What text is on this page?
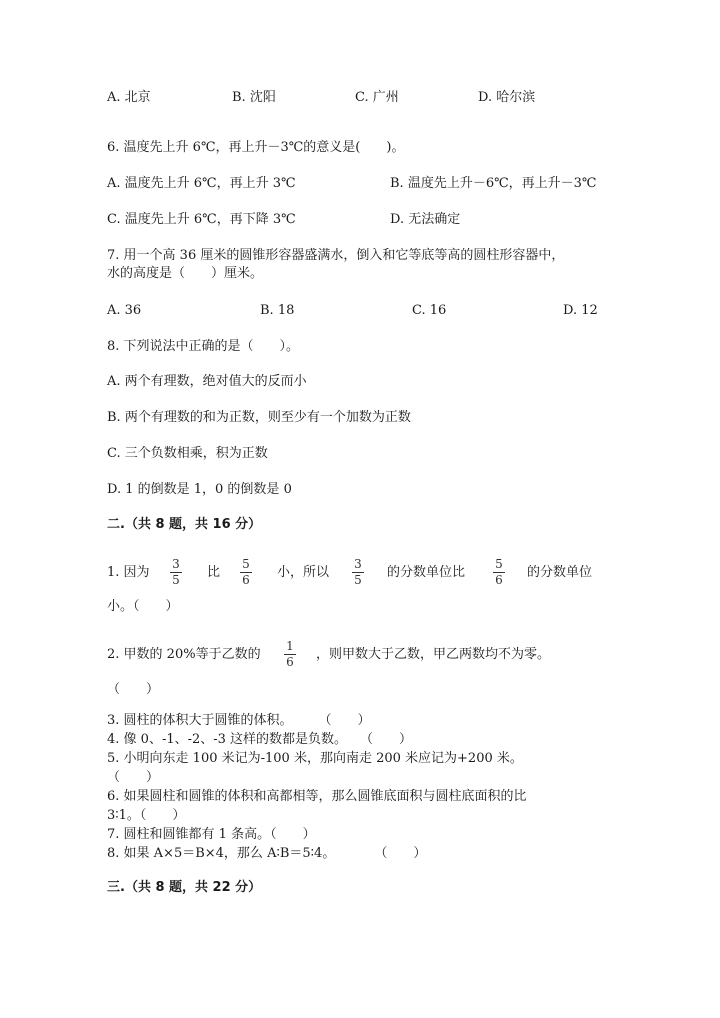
A. 北京	B. 沈阳	C. 广州	D. 哈尔滨
6. 温度先上升 6℃，再上升－3℃的意义是(　　)。
A. 温度先上升 6℃，再上升 3℃	B. 温度先上升－6℃，再上升－3℃
C. 温度先上升 6℃，再下降 3℃	D. 无法确定
7. 用一个高 36 厘米的圆锥形容器盛满水，倒入和它等底等高的圆柱形容器中，
水的高度是（　　）厘米。
A. 36	B. 18	C. 16	D. 12
8. 下列说法中正确的是（　　）。
A. 两个有理数，绝对值大的反而小
B. 两个有理数的和为正数，则至少有一个加数为正数
C. 三个负数相乘，积为正数
D. 1 的倒数是 1，0 的倒数是 0
二.（共 8 题，共 16 分）
1. 因为
3
5 比
5
6 小，所以
3
5 的分数单位比
5
6 的分数单位
小。（　　）
2. 甲数的 20%等于乙数的
1
6 ，则甲数大于乙数，甲乙两数均不为零。
（　　）
3. 圆柱的体积大于圆锥的体积。　　　（　　）
4. 像 0、-1、-2、-3 这样的数都是负数。　　（　　）
5. 小明向东走 100 米记为-100 米，那向南走 200 米应记为+200 米。
（　　）
6. 如果圆柱和圆锥的体积和高都相等，那么圆锥底面积与圆柱底面积的比
3∶1。（　　）
7. 圆柱和圆锥都有 1 条高。（　　）
8. 如果 A×5＝B×4，那么 A∶B＝5∶4。　　　　（　　）
三.（共 8 题，共 22 分）
